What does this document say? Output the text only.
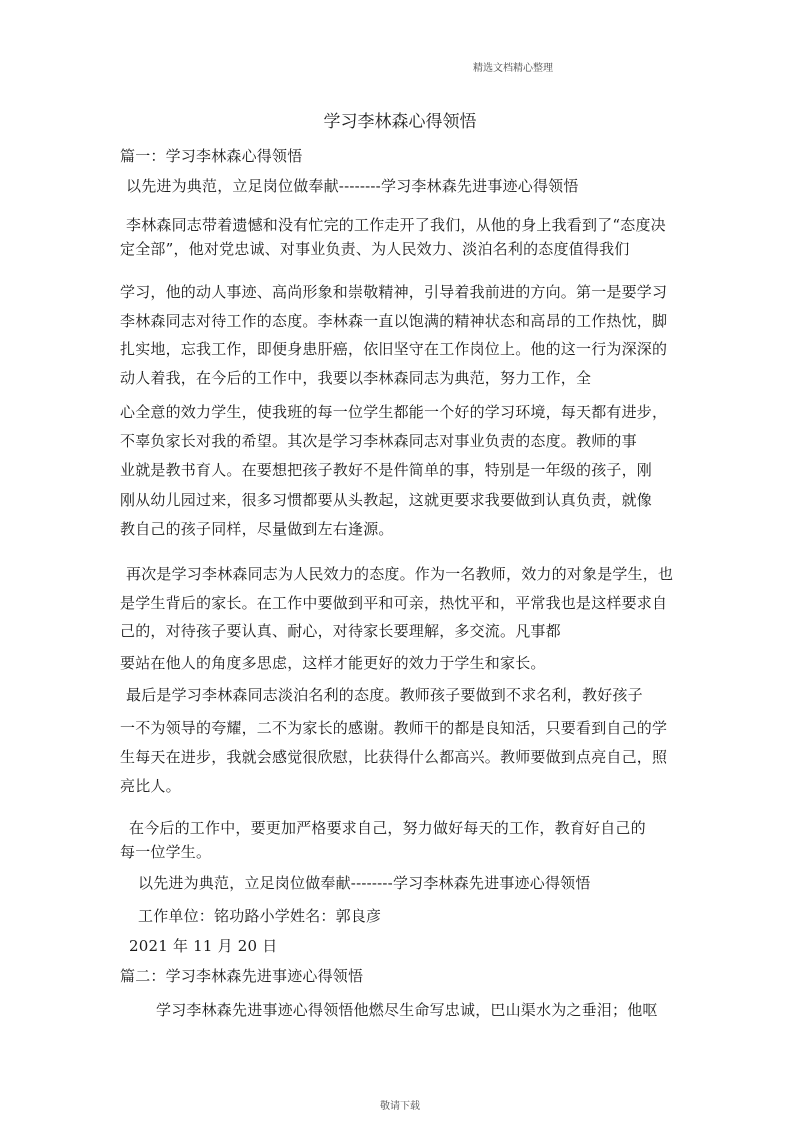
精选文档精心整理
学习李林森心得领悟
篇一：学习李林森心得领悟
以先进为典范，立足岗位做奉献--------学习李林森先进事迹心得领悟
李林森同志带着遗憾和没有忙完的工作走开了我们，从他的身上我看到了“态度决
定全部”，他对党忠诚、对事业负责、为人民效力、淡泊名利的态度值得我们
学习，他的动人事迹、高尚形象和崇敬精神，引导着我前进的方向。第一是要学习
李林森同志对待工作的态度。李林森一直以饱满的精神状态和高昂的工作热忱，脚
扎实地，忘我工作，即便身患肝癌，依旧坚守在工作岗位上。他的这一行为深深的
动人着我，在今后的工作中，我要以李林森同志为典范，努力工作，全
心全意的效力学生，使我班的每一位学生都能一个好的学习环境，每天都有进步，
不辜负家长对我的希望。其次是学习李林森同志对事业负责的态度。教师的事
业就是教书育人。在要想把孩子教好不是件简单的事，特别是一年级的孩子，刚
刚从幼儿园过来，很多习惯都要从头教起，这就更要求我要做到认真负责，就像
教自己的孩子同样，尽量做到左右逢源。
再次是学习李林森同志为人民效力的态度。作为一名教师，效力的对象是学生，也
是学生背后的家长。在工作中要做到平和可亲，热忱平和，平常我也是这样要求自
己的，对待孩子要认真、耐心，对待家长要理解，多交流。凡事都
要站在他人的角度多思虑，这样才能更好的效力于学生和家长。
最后是学习李林森同志淡泊名利的态度。教师孩子要做到不求名利，教好孩子
一不为领导的夸耀，二不为家长的感谢。教师干的都是良知活，只要看到自己的学
生每天在进步，我就会感觉很欣慰，比获得什么都高兴。教师要做到点亮自己，照
亮比人。
在今后的工作中，要更加严格要求自己，努力做好每天的工作，教育好自己的
每一位学生。
以先进为典范，立足岗位做奉献--------学习李林森先进事迹心得领悟
工作单位：铭功路小学姓名：郭良彦
2021 年 11 月 20 日
篇二：学习李林森先进事迹心得领悟
学习李林森先进事迹心得领悟他燃尽生命写忠诚，巴山渠水为之垂泪；他呕
敬请下载
